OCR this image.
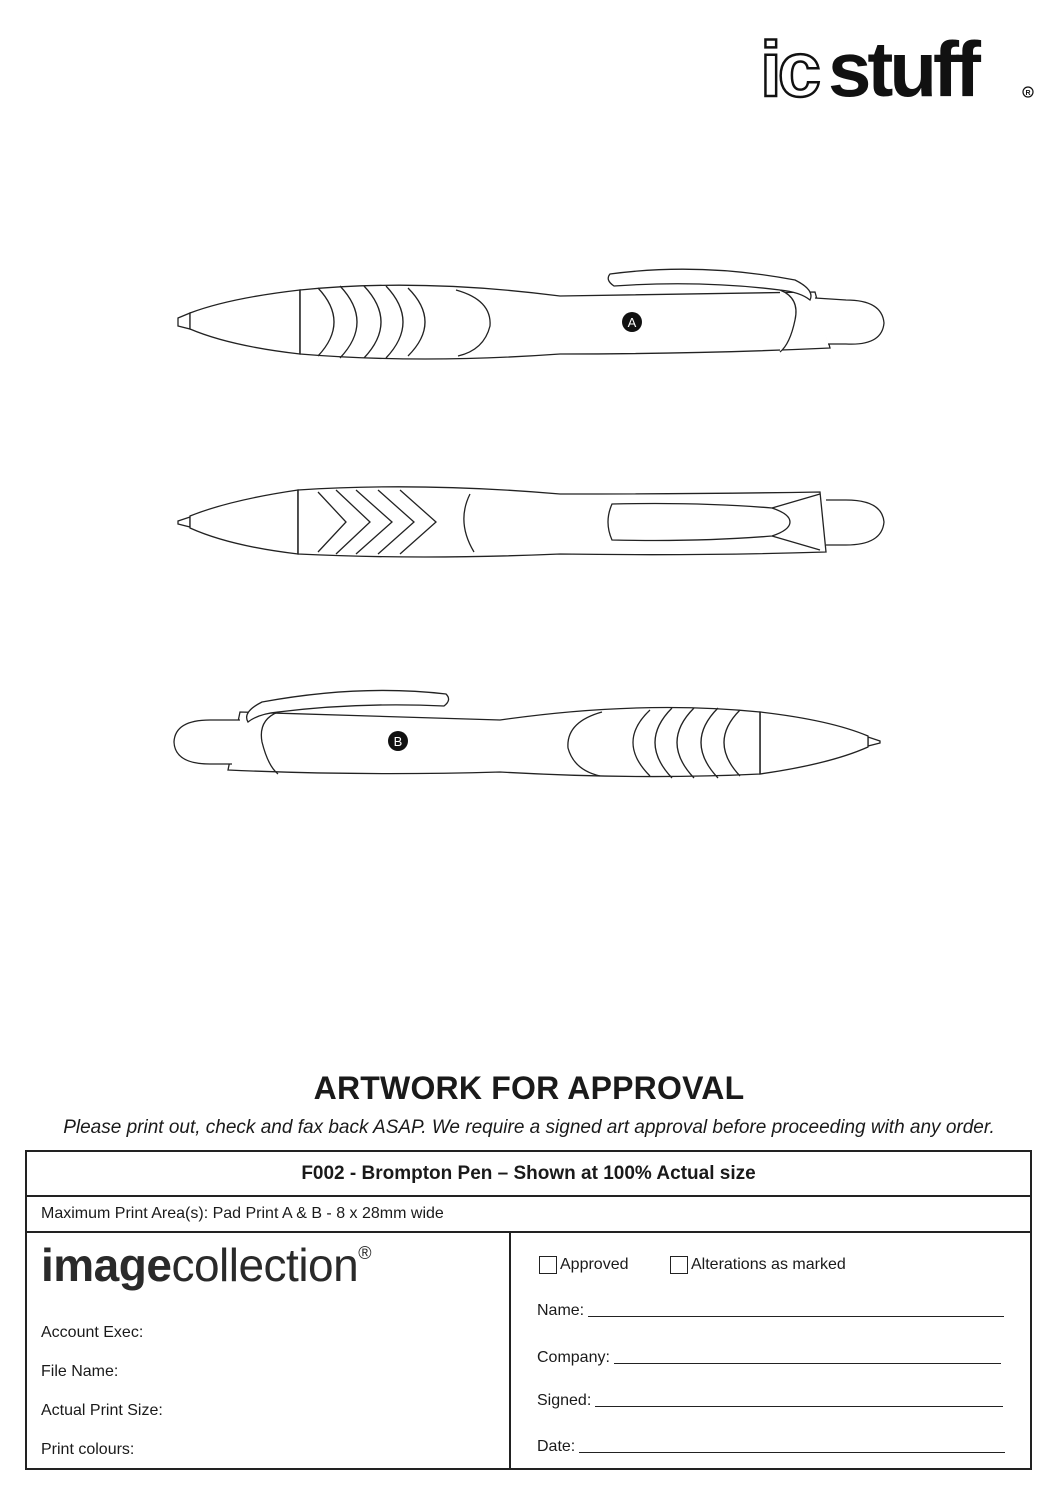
ic stuff	R
A
B
ARTWORK FOR APPROVAL
Please print out, check and fax back ASAP. We require a signed art approval before proceeding with any order.
F002 - Brompton Pen – Shown at 100% Actual size
Maximum Print Area(s): Pad Print A & B - 8 x 28mm wide
imagecollection®
Account Exec:
File Name:
Actual Print Size:
Print colours:
Approved	Alterations as marked
Name:
Company:
Signed:
Date:
